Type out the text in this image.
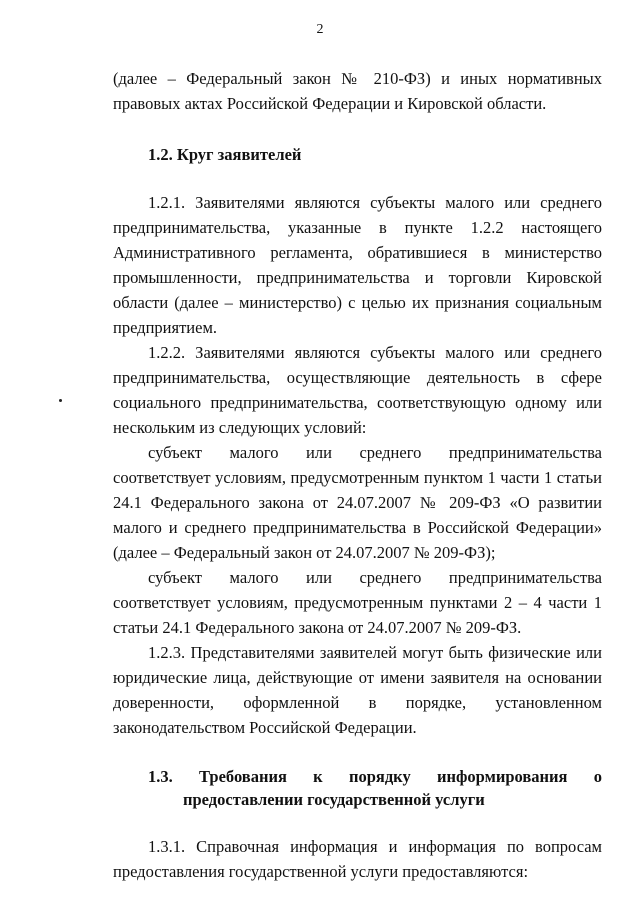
2

(далее – Федеральный закон № 210-ФЗ) и иных нормативных правовых актах Российской Федерации и Кировской области.

1.2. Круг заявителей

1.2.1. Заявителями являются субъекты малого или среднего предпринимательства, указанные в пункте 1.2.2 настоящего Административного регламента, обратившиеся в министерство промышленности, предпринимательства и торговли Кировской области (далее – министерство) с целью их признания социальным предприятием.

1.2.2. Заявителями являются субъекты малого или среднего предпринимательства, осуществляющие деятельность в сфере социального предпринимательства, соответствующую одному или нескольким из следующих условий:

субъект малого или среднего предпринимательства соответствует условиям, предусмотренным пунктом 1 части 1 статьи 24.1 Федерального закона от 24.07.2007 № 209-ФЗ «О развитии малого и среднего предпринимательства в Российской Федерации» (далее – Федеральный закон от 24.07.2007 № 209-ФЗ);

субъект малого или среднего предпринимательства соответствует условиям, предусмотренным пунктами 2 – 4 части 1 статьи 24.1 Федерального закона от 24.07.2007 № 209-ФЗ.

1.2.3. Представителями заявителей могут быть физические или юридические лица, действующие от имени заявителя на основании доверенности, оформленной в порядке, установленном законодательством Российской Федерации.

1.3. Требования к порядку информирования о предоставлении государственной услуги

1.3.1. Справочная информация и информация по вопросам предоставления государственной услуги предоставляются:
